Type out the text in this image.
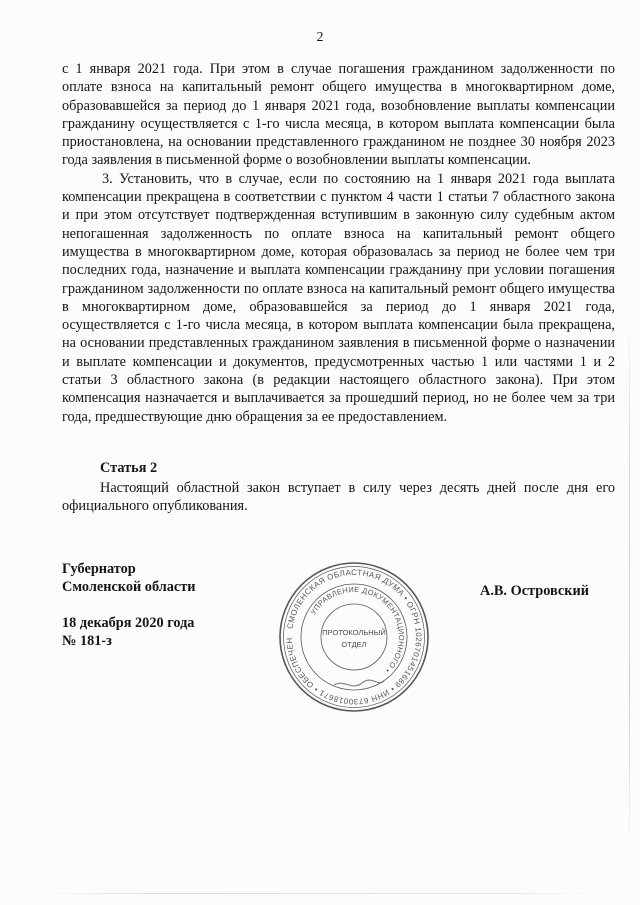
2

с 1 января 2021 года. При этом в случае погашения гражданином задолженности по оплате взноса на капитальный ремонт общего имущества в многоквартирном доме, образовавшейся за период до 1 января 2021 года, возобновление выплаты компенсации гражданину осуществляется с 1-го числа месяца, в котором выплата компенсации была приостановлена, на основании представленного гражданином не позднее 30 ноября 2023 года заявления в письменной форме о возобновлении выплаты компенсации.

3. Установить, что в случае, если по состоянию на 1 января 2021 года выплата компенсации прекращена в соответствии с пунктом 4 части 1 статьи 7 областного закона и при этом отсутствует подтвержденная вступившим в законную силу судебным актом непогашенная задолженность по оплате взноса на капитальный ремонт общего имущества в многоквартирном доме, которая образовалась за период не более чем три последних года, назначение и выплата компенсации гражданину при условии погашения гражданином задолженности по оплате взноса на капитальный ремонт общего имущества в многоквартирном доме, образовавшейся за период до 1 января 2021 года, осуществляется с 1-го числа месяца, в котором выплата компенсации была прекращена, на основании представленных гражданином заявления в письменной форме о назначении и выплате компенсации и документов, предусмотренных частью 1 или частями 1 и 2 статьи 3 областного закона (в редакции настоящего областного закона). При этом компенсация назначается и выплачивается за прошедший период, но не более чем за три года, предшествующие дню обращения за ее предоставлением.

Статья 2
Настоящий областной закон вступает в силу через десять дней после дня его официального опубликования.
Губернатор
Смоленской области
18 декабря 2020 года
№ 181-з
А.В. Островский
СМОЛЕНСКАЯ ОБЛАСТНАЯ ДУМА • ОГРН 1026701451689 • ИНН 6730018671 • ОБЕСПЕЧЕН
УПРАВЛЕНИЕ ДОКУМЕНТАЦИОННОГО •
ПРОТОКОЛЬНЫЙ
ОТДЕЛ
